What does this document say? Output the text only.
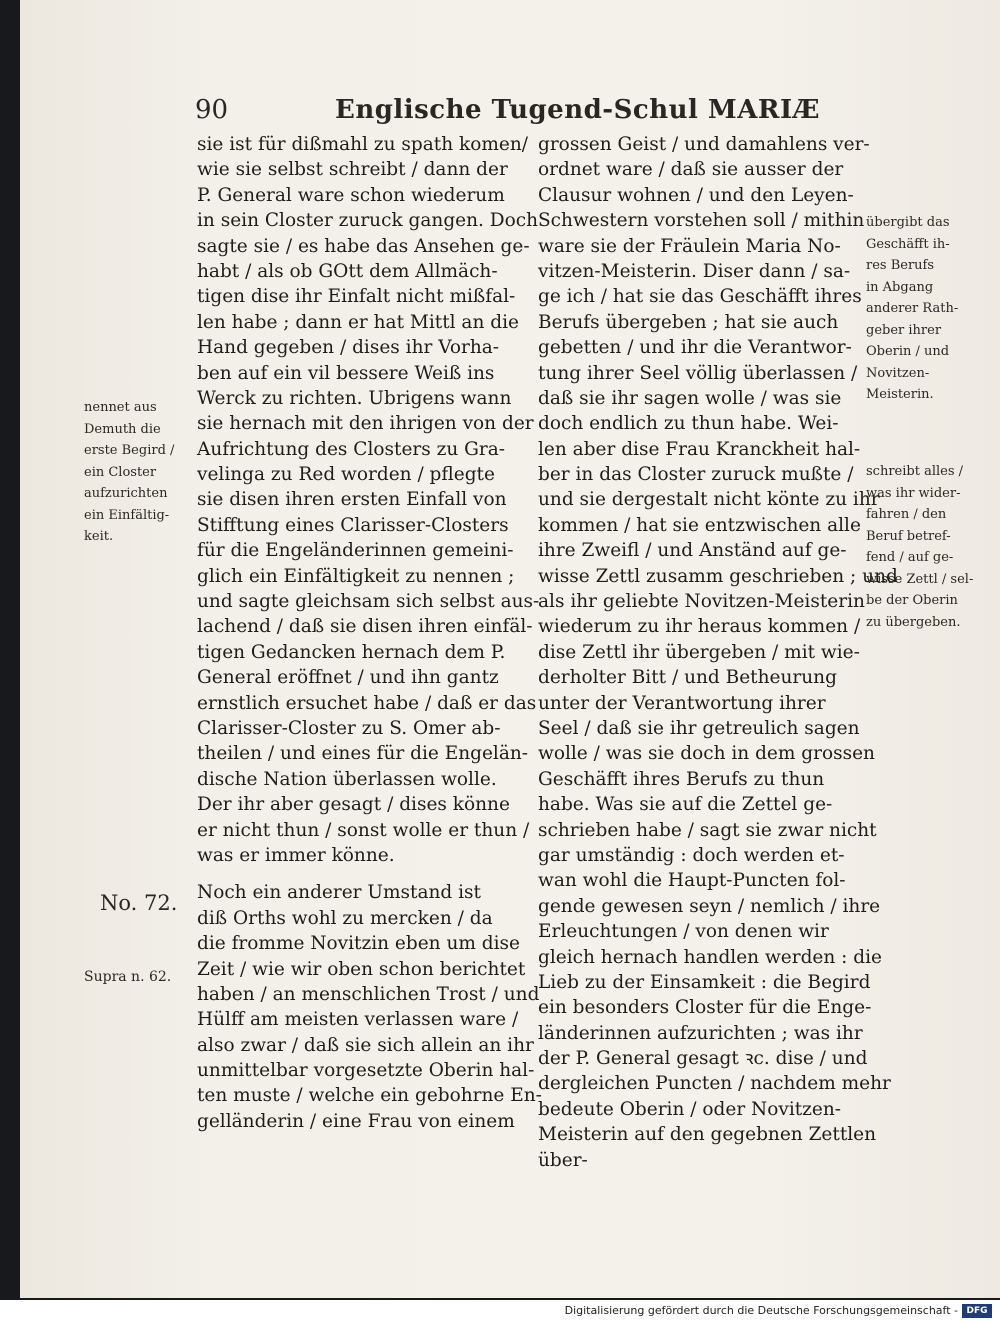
90	Englische Tugend-Schul MARIÆ
sie ist für dißmahl zu spath komen/
wie sie selbst schreibt / dann der
P. General ware schon wiederum
in sein Closter zuruck gangen. Doch
sagte sie / es habe das Ansehen ge-
habt / als ob GOtt dem Allmäch-
tigen dise ihr Einfalt nicht mißfal-
len habe ; dann er hat Mittl an die
Hand gegeben / dises ihr Vorha-
ben auf ein vil bessere Weiß ins
Werck zu richten. Ubrigens wann
sie hernach mit den ihrigen von der
Aufrichtung des Closters zu Gra-
velinga zu Red worden / pflegte
sie disen ihren ersten Einfall von
Stifftung eines Clarisser-Closters
für die Engeländerinnen gemeini-
glich ein Einfältigkeit zu nennen ;
und sagte gleichsam sich selbst aus-
lachend / daß sie disen ihren einfäl-
tigen Gedancken hernach dem P.
General eröffnet / und ihn gantz
ernstlich ersuchet habe / daß er das
Clarisser-Closter zu S. Omer ab-
theilen / und eines für die Engelän-
dische Nation überlassen wolle.
Der ihr aber gesagt / dises könne
er nicht thun / sonst wolle er thun /
was er immer könne.
Noch ein anderer Umstand ist
diß Orths wohl zu mercken / da
die fromme Novitzin eben um dise
Zeit / wie wir oben schon berichtet
haben / an menschlichen Trost / und
Hülff am meisten verlassen ware /
also zwar / daß sie sich allein an ihr
unmittelbar vorgesetzte Oberin hal-
ten muste / welche ein gebohrne En-
gelländerin / eine Frau von einem
grossen Geist / und damahlens ver-
ordnet ware / daß sie ausser der
Clausur wohnen / und den Leyen-
Schwestern vorstehen soll / mithin
ware sie der Fräulein Maria No-
vitzen-Meisterin. Diser dann / sa-
ge ich / hat sie das Geschäfft ihres
Berufs übergeben ; hat sie auch
gebetten / und ihr die Verantwor-
tung ihrer Seel völlig überlassen /
daß sie ihr sagen wolle / was sie
doch endlich zu thun habe. Wei-
len aber dise Frau Kranckheit hal-
ber in das Closter zuruck mußte /
und sie dergestalt nicht könte zu ihr
kommen / hat sie entzwischen alle
ihre Zweifl / und Anständ auf ge-
wisse Zettl zusamm geschrieben ; und
als ihr geliebte Novitzen-Meisterin
wiederum zu ihr heraus kommen /
dise Zettl ihr übergeben / mit wie-
derholter Bitt / und Betheurung
unter der Verantwortung ihrer
Seel / daß sie ihr getreulich sagen
wolle / was sie doch in dem grossen
Geschäfft ihres Berufs zu thun
habe. Was sie auf die Zettel ge-
schrieben habe / sagt sie zwar nicht
gar umständig : doch werden et-
wan wohl die Haupt-Puncten fol-
gende gewesen seyn / nemlich / ihre
Erleuchtungen / von denen wir
gleich hernach handlen werden : die
Lieb zu der Einsamkeit : die Begird
ein besonders Closter für die Enge-
länderinnen aufzurichten ; was ihr
der P. General gesagt ꝛc. dise / und
dergleichen Puncten / nachdem mehr
bedeute Oberin / oder Novitzen-
Meisterin auf den gegebnen Zettlen
über-
nennet aus
Demuth die
erste Begird /
ein Closter
aufzurichten
ein Einfältig-
keit.
No. 72.
Supra n. 62.
übergibt das
Geschäfft ih-
res Berufs
in Abgang
anderer Rath-
geber ihrer
Oberin / und
Novitzen-
Meisterin.
schreibt alles /
was ihr wider-
fahren / den
Beruf betref-
fend / auf ge-
wisse Zettl / sel-
be der Oberin
zu übergeben.
Digitalisierung gefördert durch die Deutsche Forschungsgemeinschaft - DFG
